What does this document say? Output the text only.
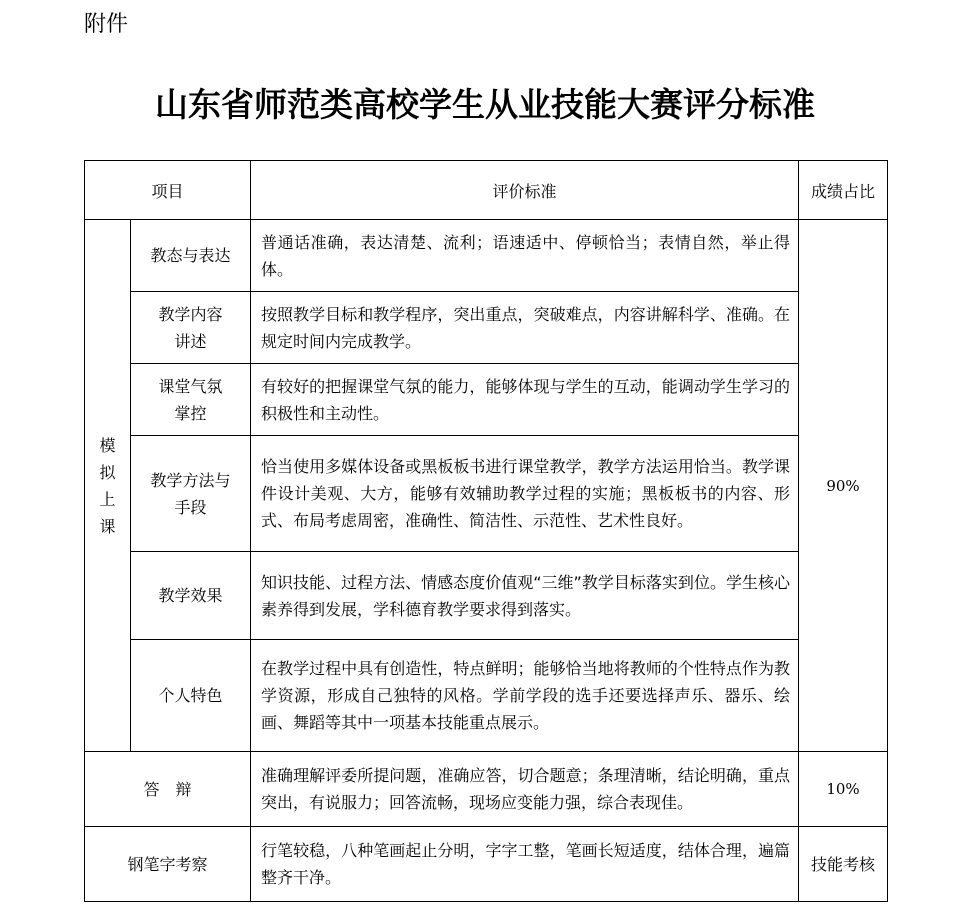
附件
山东省师范类高校学生从业技能大赛评分标准
项目		评价标准	成绩占比

模
拟
上
课	教态与表达	普通话准确，表达清楚、流利；语速适中、停顿恰当；表情自然，举止得体。	90%
	教学内容
讲述	按照教学目标和教学程序，突出重点，突破难点，内容讲解科学、准确。在规定时间内完成教学。	
	课堂气氛
掌控	有较好的把握课堂气氛的能力，能够体现与学生的互动，能调动学生学习的积极性和主动性。	
	教学方法与
手段	恰当使用多媒体设备或黑板板书进行课堂教学，教学方法运用恰当。教学课件设计美观、大方，能够有效辅助教学过程的实施；黑板板书的内容、形式、布局考虑周密，准确性、简洁性、示范性、艺术性良好。	
	教学效果	知识技能、过程方法、情感态度价值观“三维”教学目标落实到位。学生核心素养得到发展，学科德育教学要求得到落实。	
	个人特色	在教学过程中具有创造性，特点鲜明；能够恰当地将教师的个性特点作为教学资源，形成自己独特的风格。学前学段的选手还要选择声乐、器乐、绘画、舞蹈等其中一项基本技能重点展示。	
答　辩		准确理解评委所提问题，准确应答，切合题意；条理清晰，结论明确，重点突出，有说服力；回答流畅，现场应变能力强，综合表现佳。	10%
钢笔字考察		行笔较稳，八种笔画起止分明，字字工整，笔画长短适度，结体合理，遍篇整齐干净。	技能考核
